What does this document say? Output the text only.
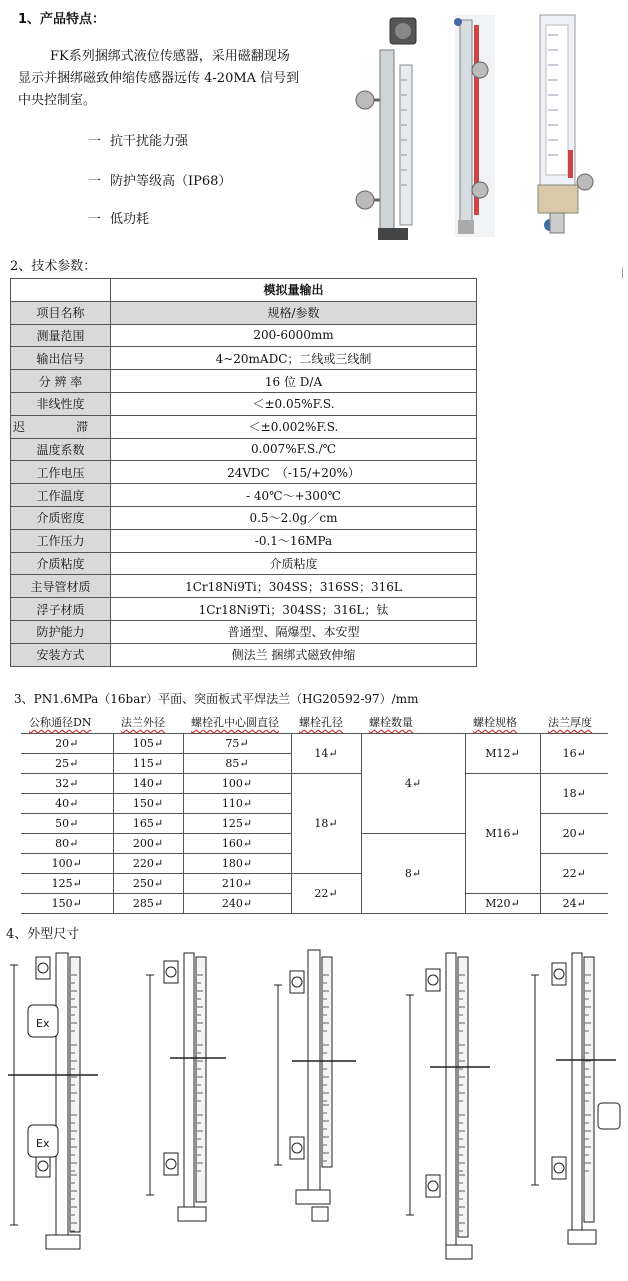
1、产品特点：
FK系列捆绑式液位传感器，采用磁翻现场
显示并捆绑磁致伸缩传感器远传 4-20MA 信号到
中央控制室。
一 抗干扰能力强
一 防护等级高（IP68）
一 低功耗
2、技术参数：
	模拟量输出
项目名称	规格/参数
测量范围	200-6000mm
输出信号	4~20mADC；二线或三线制
分 辨 率	16 位 D/A
非线性度	＜±0.05%F.S.
迟　　滞	＜±0.002%F.S.
温度系数	0.007%F.S./℃
工作电压	24VDC　（-15/+20%）
工作温度	- 40℃～+300℃
介质密度	0.5～2.0g／cm
工作压力	-0.1～16MPa
介质粘度	介质粘度
主导管材质	1Cr18Ni9Ti；304SS；316SS；316L
浮子材质	1Cr18Ni9Ti；304SS；316L；钛
防护能力	普通型、隔爆型、本安型
安装方式	侧法兰 捆绑式磁致伸缩
3、PN1.6MPa（16bar）平面、突面板式平焊法兰（HG20592-97）/mm
公称通径DN	法兰外径	螺栓孔中心圆直径	螺栓孔径	螺栓数量	螺栓规格	法兰厚度
20↵	105↵	75↵	14↵	4↵	M12↵	16↵
25↵	115↵	85↵				
32↵	140↵	100↵	18↵		M16↵	18↵
40↵	150↵	110↵				
50↵	165↵	125↵				20↵
80↵	200↵	160↵		8↵		
100↵	220↵	180↵				22↵
125↵	250↵	210↵	22↵			
150↵	285↵	240↵			M20↵	24↵
4、外型尺寸
Ex
Ex
